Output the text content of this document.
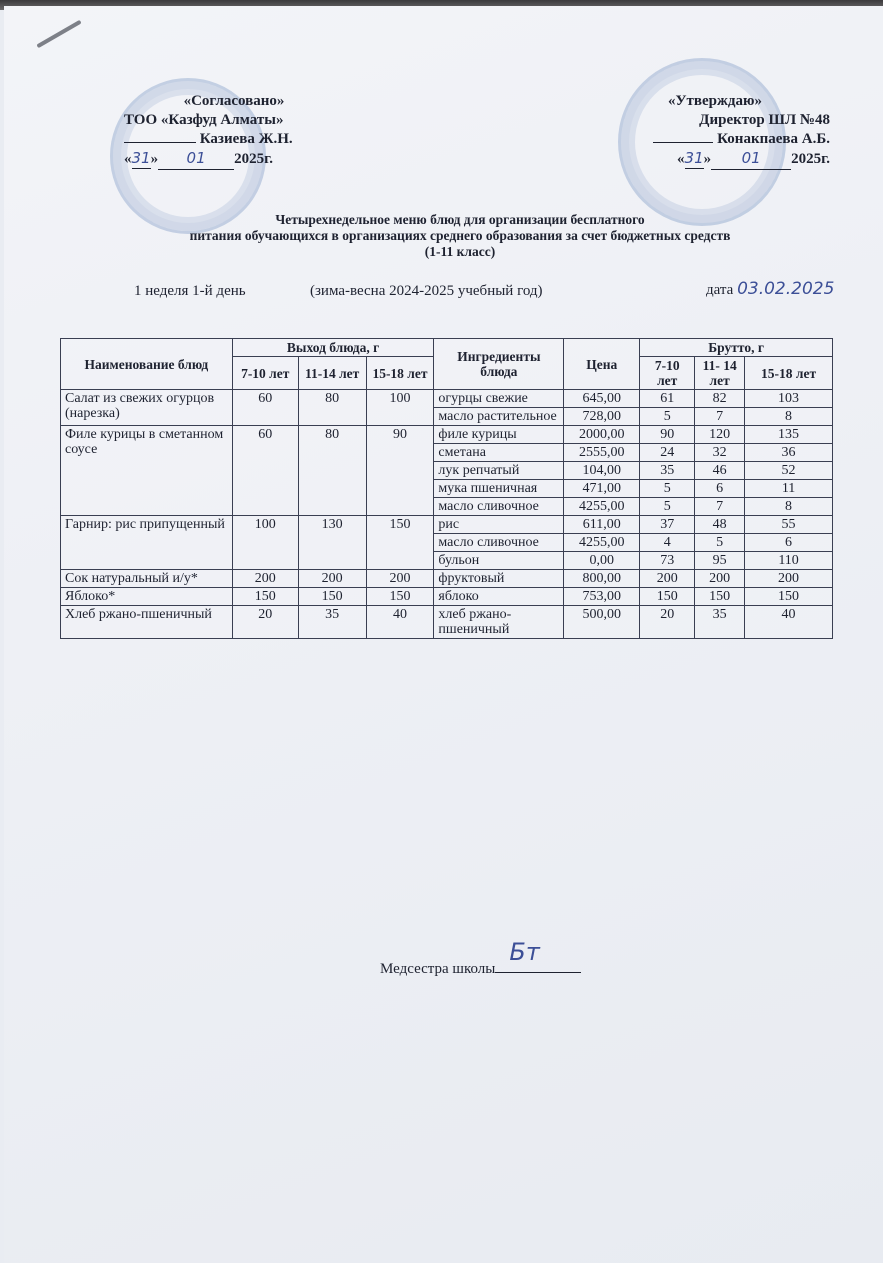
«Согласовано»
ТОО «Казфуд Алматы»
Казиева Ж.Н.
«31» 01 2025г.
«Утверждаю»
Директор ШЛ №48
Конакпаева А.Б.
«31» 01 2025г.
Четырехнедельное меню блюд для организации бесплатного
питания обучающихся в организациях среднего образования за счет бюджетных средств
(1-11 класс)
1 неделя 1-й день	(зима-весна 2024-2025 учебный год)	дата 03.02.2025
Наименование блюд	Выход блюда, г			Ингредиенты блюда	Цена	Брутто, г		
	7-10 лет	11-14 лет	15-18 лет			7-10 лет	11- 14 лет	15-18 лет
Салат из свежих огурцов (нарезка)	60	80	100	огурцы свежие	645,00	61	82	103
				масло растительное	728,00	5	7	8
Филе курицы в сметанном соусе	60	80	90	филе курицы	2000,00	90	120	135
				сметана	2555,00	24	32	36
				лук репчатый	104,00	35	46	52
				мука пшеничная	471,00	5	6	11
				масло сливочное	4255,00	5	7	8
Гарнир: рис припущенный	100	130	150	рис	611,00	37	48	55
				масло сливочное	4255,00	4	5	6
				бульон	0,00	73	95	110
Сок натуральный и/у*	200	200	200	фруктовый	800,00	200	200	200
Яблоко*	150	150	150	яблоко	753,00	150	150	150
Хлеб ржано-пшеничный	20	35	40	хлеб ржано-пшеничный	500,00	20	35	40
Медсестра школы
Бт
